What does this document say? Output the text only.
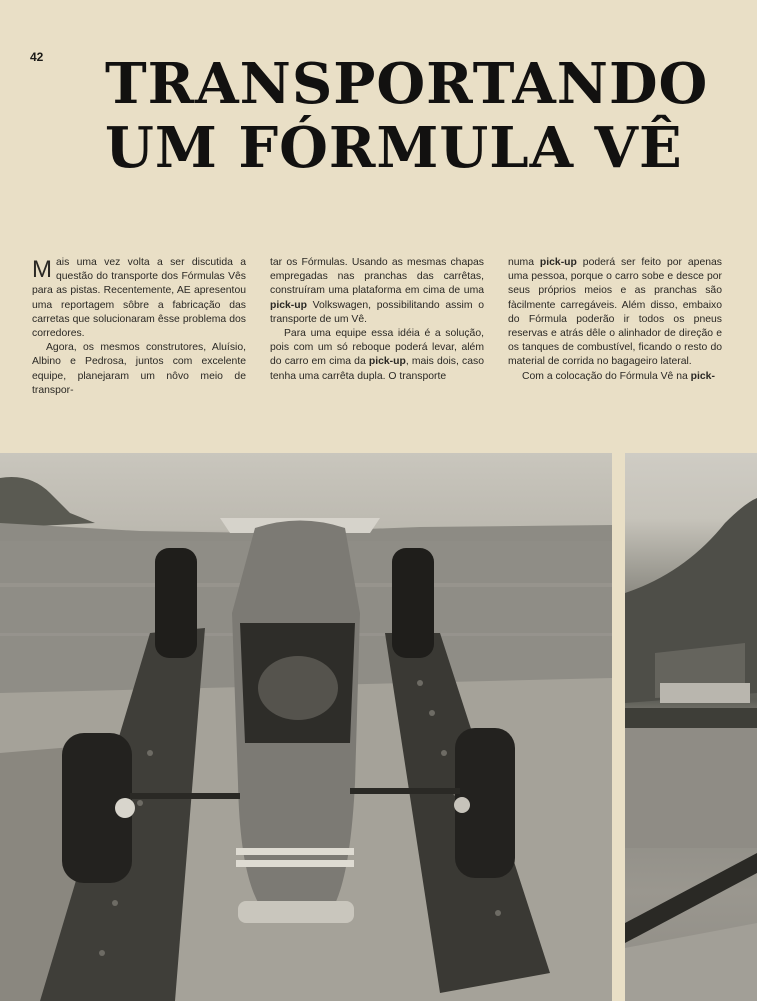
42 TRANSPORTANDO
UM FÓRMULA VÊ

Mais uma vez volta a ser discutida a questão do transporte dos Fórmulas Vês para as pistas. Recentemente, AE apresentou uma reportagem sôbre a fabricação das carretas que solucionaram êsse problema dos corredores.

Agora, os mesmos construtores, Aluísio, Albino e Pedrosa, juntos com excelente equipe, planejaram um nôvo meio de transpor-

tar os Fórmulas. Usando as mesmas chapas empregadas nas pranchas das carrêtas, construíram uma plataforma em cima de uma pick-up Volkswagen, possibilitando assim o transporte de um Vê.

Para uma equipe essa idéia é a solução, pois com um só reboque poderá levar, além do carro em cima da pick-up, mais dois, caso tenha uma carrêta dupla. O transporte

numa pick-up poderá ser feito por apenas uma pessoa, porque o carro sobe e desce por seus próprios meios e as pranchas são fàcilmente carregáveis. Além disso, embaixo do Fórmula poderão ir todos os pneus reservas e atrás dêle o alinhador de direção e os tanques de combustível, ficando o resto do material de corrida no bagageiro lateral.

Com a colocação do Fórmula Vê na pick-
